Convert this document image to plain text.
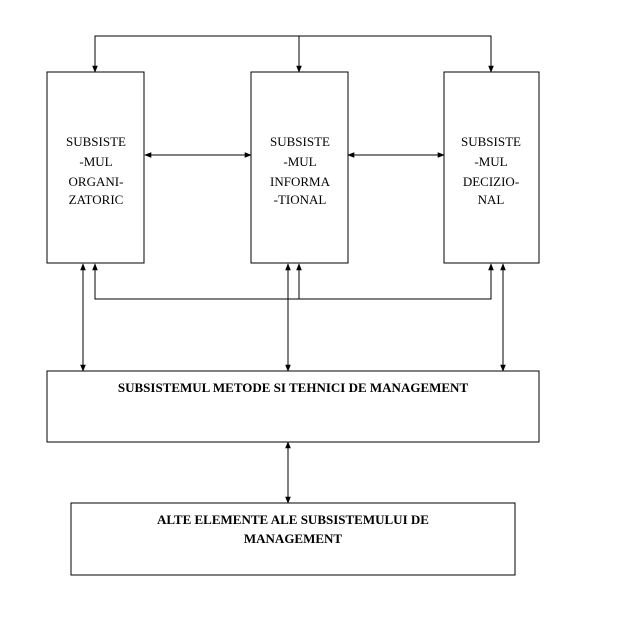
SUBSISTE
-MUL
ORGANI-
ZATORIC
SUBSISTE
-MUL
INFORMA
-TIONAL
SUBSISTE
-MUL
DECIZIO-
NAL
SUBSISTEMUL METODE SI TEHNICI DE MANAGEMENT
ALTE ELEMENTE ALE SUBSISTEMULUI DE
MANAGEMENT
